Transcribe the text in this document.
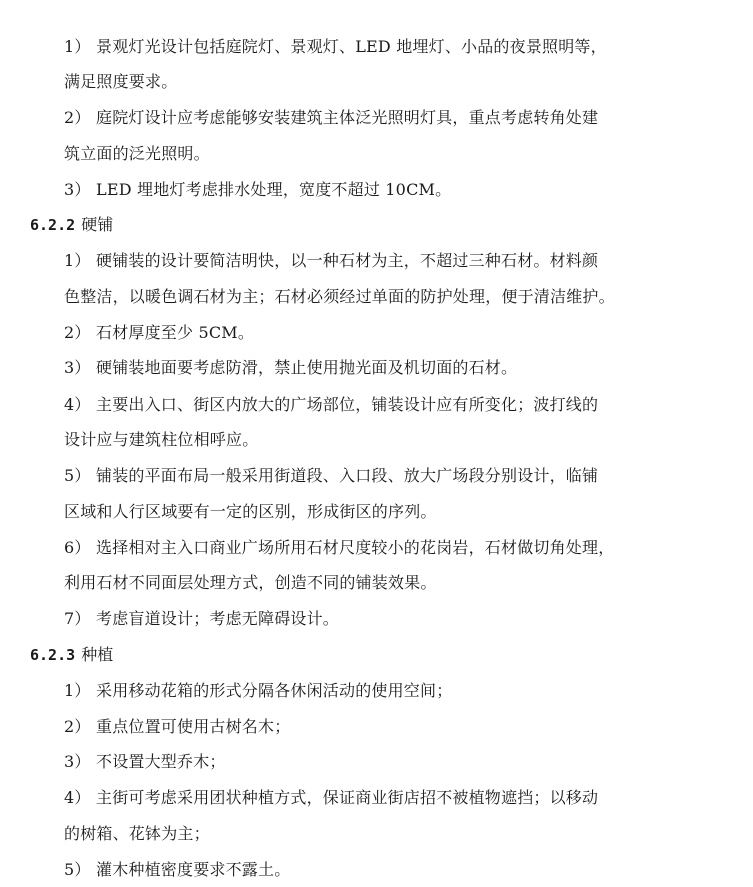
1） 景观灯光设计包括庭院灯、景观灯、LED 地埋灯、小品的夜景照明等，
满足照度要求。
2） 庭院灯设计应考虑能够安装建筑主体泛光照明灯具，重点考虑转角处建
筑立面的泛光照明。
3） LED 埋地灯考虑排水处理，宽度不超过 10CM。
6.2.2 硬铺
1） 硬铺装的设计要简洁明快，以一种石材为主，不超过三种石材。材料颜
色整洁，以暖色调石材为主；石材必须经过单面的防护处理，便于清洁维护。
2） 石材厚度至少 5CM。
3） 硬铺装地面要考虑防滑，禁止使用抛光面及机切面的石材。
4） 主要出入口、街区内放大的广场部位，铺装设计应有所变化；波打线的
设计应与建筑柱位相呼应。
5） 铺装的平面布局一般采用街道段、入口段、放大广场段分别设计，临铺
区域和人行区域要有一定的区别，形成街区的序列。
6） 选择相对主入口商业广场所用石材尺度较小的花岗岩，石材做切角处理，
利用石材不同面层处理方式，创造不同的铺装效果。
7） 考虑盲道设计；考虑无障碍设计。
6.2.3 种植
1） 采用移动花箱的形式分隔各休闲活动的使用空间；
2） 重点位置可使用古树名木；
3） 不设置大型乔木；
4） 主街可考虑采用团状种植方式，保证商业街店招不被植物遮挡；以移动
的树箱、花钵为主；
5） 灌木种植密度要求不露土。
